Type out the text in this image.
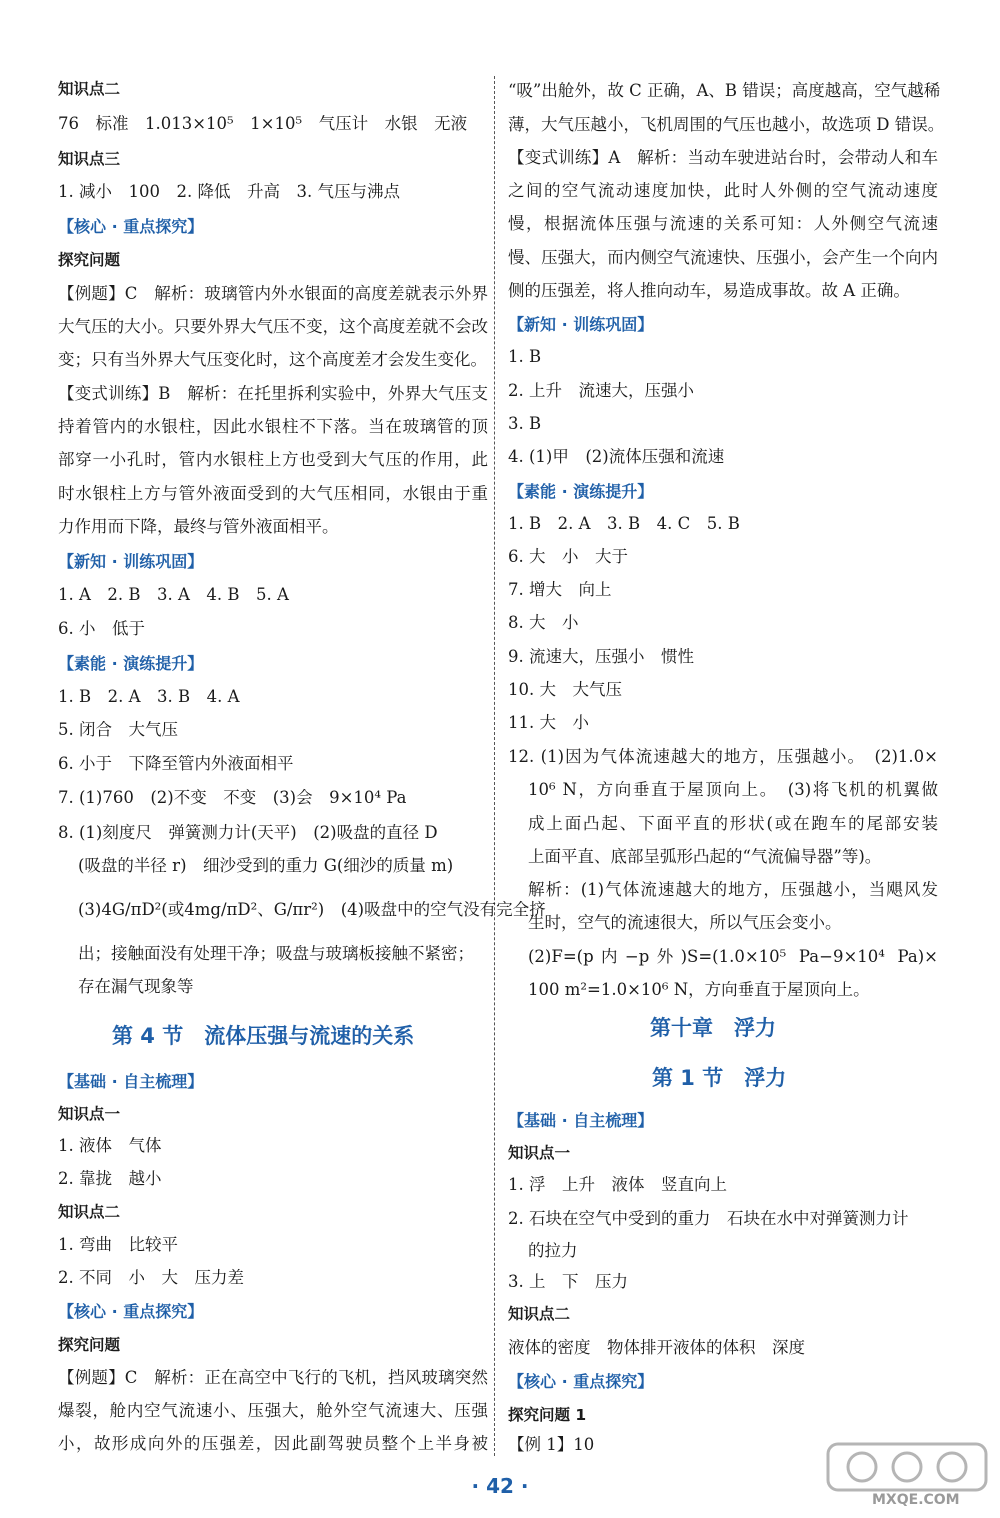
知识点二
76　标准　1.013×10⁵　1×10⁵　气压计　水银　无液
知识点三
1. 减小　100　2. 降低　升高　3. 气压与沸点
【核心 · 重点探究】
探究问题
【例题】C　解析：玻璃管内外水银面的高度差就表示外界
大气压的大小。只要外界大气压不变，这个高度差就不会改
变；只有当外界大气压变化时，这个高度差才会发生变化。
【变式训练】B　解析：在托里拆利实验中，外界大气压支
持着管内的水银柱，因此水银柱不下落。当在玻璃管的顶
部穿一小孔时，管内水银柱上方也受到大气压的作用，此
时水银柱上方与管外液面受到的大气压相同，水银由于重
力作用而下降，最终与管外液面相平。
【新知 · 训练巩固】
1. A　2. B　3. A　4. B　5. A
6. 小　低于
【素能 · 演练提升】
1. B　2. A　3. B　4. A
5. 闭合　大气压
6. 小于　下降至管内外液面相平
7. (1)760　(2)不变　不变　(3)会　9×10⁴ Pa
8. (1)刻度尺　弹簧测力计(天平)　(2)吸盘的直径 D
(吸盘的半径 r)　细沙受到的重力 G(细沙的质量 m)
(3)4G/πD²(或4mg/πD²、G/πr²)　(4)吸盘中的空气没有完全挤
出；接触面没有处理干净；吸盘与玻璃板接触不紧密；
存在漏气现象等
【基础 · 自主梳理】
知识点一
1. 液体　气体
2. 靠拢　越小
知识点二
1. 弯曲　比较平
2. 不同　小　大　压力差
【核心 · 重点探究】
探究问题
【例题】C　解析：正在高空中飞行的飞机，挡风玻璃突然
爆裂，舱内空气流速小、压强大，舱外空气流速大、压强
小，故形成向外的压强差，因此副驾驶员整个上半身被
“吸”出舱外，故 C 正确，A、B 错误；高度越高，空气越稀
薄，大气压越小，飞机周围的气压也越小，故选项 D 错误。
【变式训练】A　解析：当动车驶进站台时，会带动人和车
之间的空气流动速度加快，此时人外侧的空气流动速度
慢，根据流体压强与流速的关系可知：人外侧空气流速
慢、压强大，而内侧空气流速快、压强小，会产生一个向内
侧的压强差，将人推向动车，易造成事故。故 A 正确。
【新知 · 训练巩固】
1. B
2. 上升　流速大，压强小
3. B
4. (1)甲　(2)流体压强和流速
【素能 · 演练提升】
1. B　2. A　3. B　4. C　5. B
6. 大　小　大于
7. 增大　向上
8. 大　小
9. 流速大，压强小　惯性
10. 大　大气压
11. 大　小
12. (1)因为气体流速越大的地方，压强越小。　(2)1.0×
10⁶ N，方向垂直于屋顶向上。　(3)将飞机的机翼做
成上面凸起、下面平直的形状(或在跑车的尾部安装
上面平直、底部呈弧形凸起的“气流偏导器”等)。
解析：(1)气体流速越大的地方，压强越小，当飓风发
生时，空气的流速很大，所以气压会变小。
(2)F=(p内−p外)S=(1.0×10⁵ Pa−9×10⁴ Pa)×
100 m²=1.0×10⁶ N，方向垂直于屋顶向上。
【基础 · 自主梳理】
知识点一
1. 浮　上升　液体　竖直向上
2. 石块在空气中受到的重力　石块在水中对弹簧测力计
的拉力
3. 上　下　压力
知识点二
液体的密度　物体排开液体的体积　深度
【核心 · 重点探究】
探究问题 1
【例 1】10
第 4 节　流体压强与流速的关系	第十章　浮力
第 1 节　浮力
· 42 ·
MXQE.COM
